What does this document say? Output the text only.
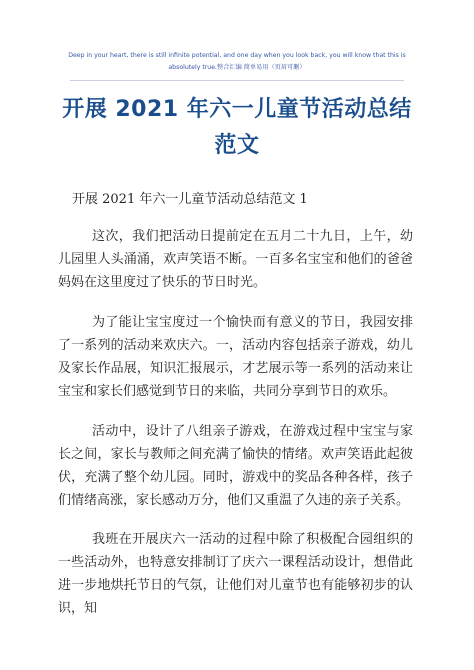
Deep in your heart, there is still infinite potential, and one day when you look back, you will know that this is absolutely true.整合汇编 简单易用（页眉可删）
开展 2021 年六一儿童节活动总结范文
开展 2021 年六一儿童节活动总结范文 1
这次，我们把活动日提前定在五月二十九日，上午，幼儿园里人头涌涌，欢声笑语不断。一百多名宝宝和他们的爸爸妈妈在这里度过了快乐的节日时光。
为了能让宝宝度过一个愉快而有意义的节日，我园安排了一系列的活动来欢庆六。一，活动内容包括亲子游戏，幼儿及家长作品展，知识汇报展示，才艺展示等一系列的活动来让宝宝和家长们感觉到节日的来临，共同分享到节日的欢乐。
活动中，设计了八组亲子游戏，在游戏过程中宝宝与家长之间，家长与教师之间充满了愉快的情绪。欢声笑语此起彼伏，充满了整个幼儿园。同时，游戏中的奖品各种各样，孩子们情绪高涨，家长感动万分，他们又重温了久违的亲子关系。
我班在开展庆六一活动的过程中除了积极配合园组织的一些活动外，也特意安排制订了庆六一课程活动设计，想借此进一步地烘托节日的气氛，让他们对儿童节也有能够初步的认识，知
